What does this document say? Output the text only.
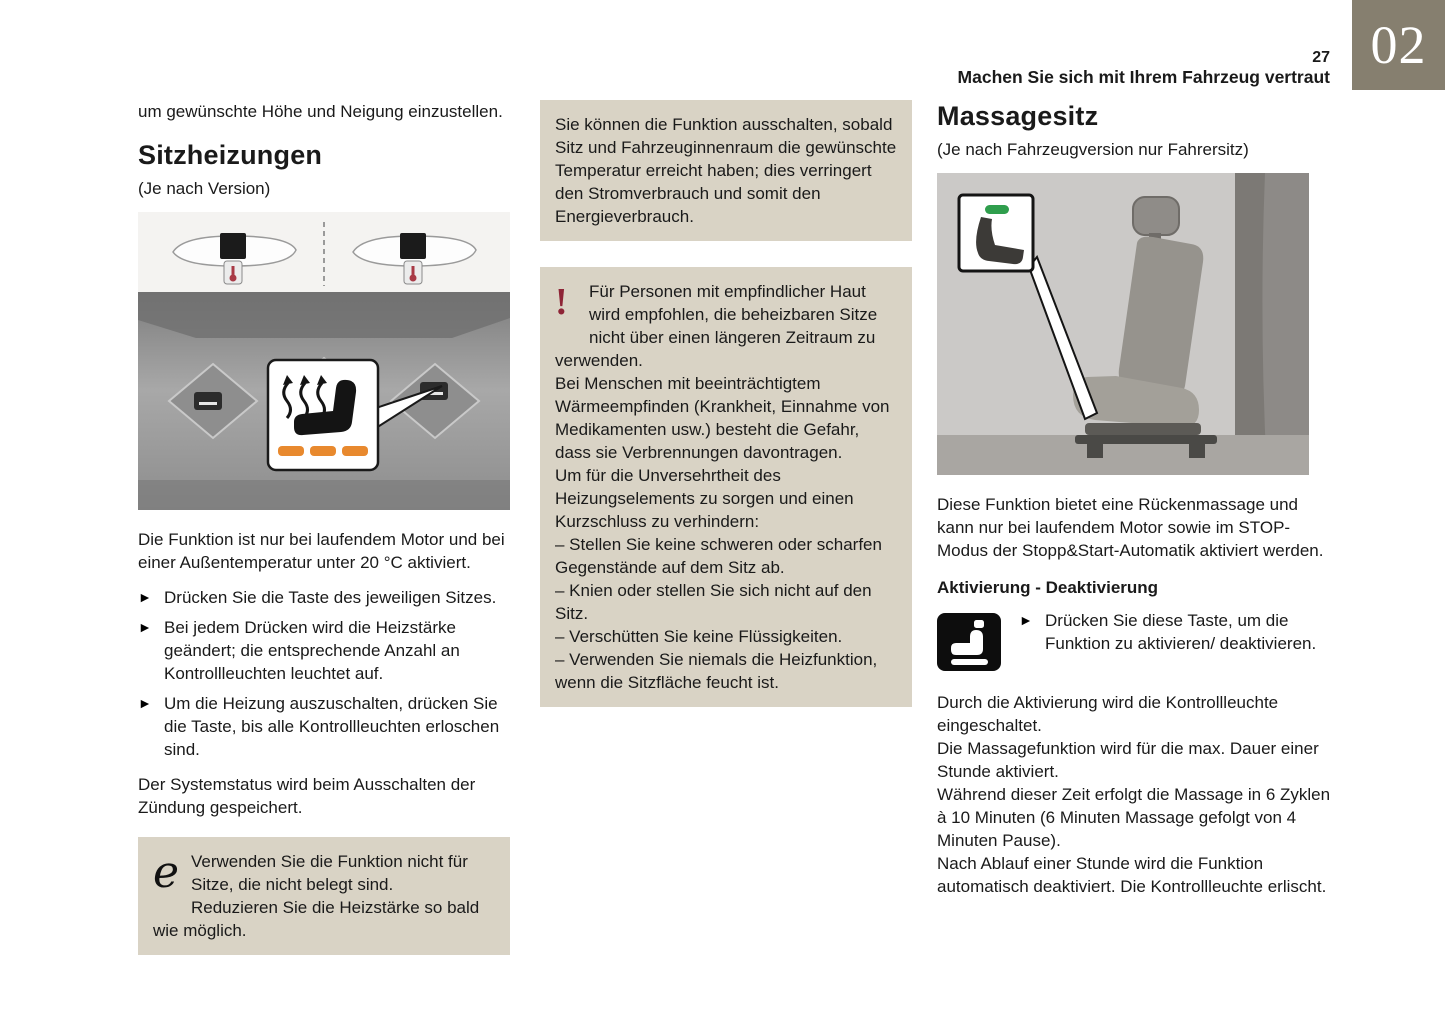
02
27
Machen Sie sich mit Ihrem Fahrzeug vertraut
um gewünschte Höhe und Neigung einzustellen.
Sitzheizungen
(Je nach Version)
Die Funktion ist nur bei laufendem Motor und bei einer Außentemperatur unter 20 °C aktiviert.
► Drücken Sie die Taste des jeweiligen Sitzes.
► Bei jedem Drücken wird die Heizstärke geändert; die entsprechende Anzahl an Kontrollleuchten leuchtet auf.
► Um die Heizung auszuschalten, drücken Sie die Taste, bis alle Kontrollleuchten erloschen sind.
Der Systemstatus wird beim Ausschalten der Zündung gespeichert.
e Verwenden Sie die Funktion nicht für Sitze, die nicht belegt sind.
Reduzieren Sie die Heizstärke so bald wie möglich.
Sie können die Funktion ausschalten, sobald Sitz und Fahrzeuginnenraum die gewünschte Temperatur erreicht haben; dies verringert den Stromverbrauch und somit den Energieverbrauch.
!	Für Personen mit empfindlicher Haut wird empfohlen, die beheizbaren Sitze nicht über einen längeren Zeitraum zu verwenden.
Bei Menschen mit beeinträchtigtem Wärmeempfinden (Krankheit, Einnahme von Medikamenten usw.) besteht die Gefahr, dass sie Verbrennungen davontragen.
Um für die Unversehrtheit des Heizungselements zu sorgen und einen Kurzschluss zu verhindern:
– Stellen Sie keine schweren oder scharfen Gegenstände auf dem Sitz ab.
– Knien oder stellen Sie sich nicht auf den Sitz.
– Verschütten Sie keine Flüssigkeiten.
– Verwenden Sie niemals die Heizfunktion, wenn die Sitzfläche feucht ist.
Massagesitz
(Je nach Fahrzeugversion nur Fahrersitz)
Diese Funktion bietet eine Rückenmassage und kann nur bei laufendem Motor sowie im STOP-Modus der Stopp&Start-Automatik aktiviert werden.
Aktivierung - Deaktivierung
► Drücken Sie diese Taste, um die Funktion zu aktivieren/ deaktivieren.
Durch die Aktivierung wird die Kontrollleuchte eingeschaltet.
Die Massagefunktion wird für die max. Dauer einer Stunde aktiviert.
Während dieser Zeit erfolgt die Massage in 6 Zyklen à 10 Minuten (6 Minuten Massage gefolgt von 4 Minuten Pause).
Nach Ablauf einer Stunde wird die Funktion automatisch deaktiviert. Die Kontrollleuchte erlischt.
